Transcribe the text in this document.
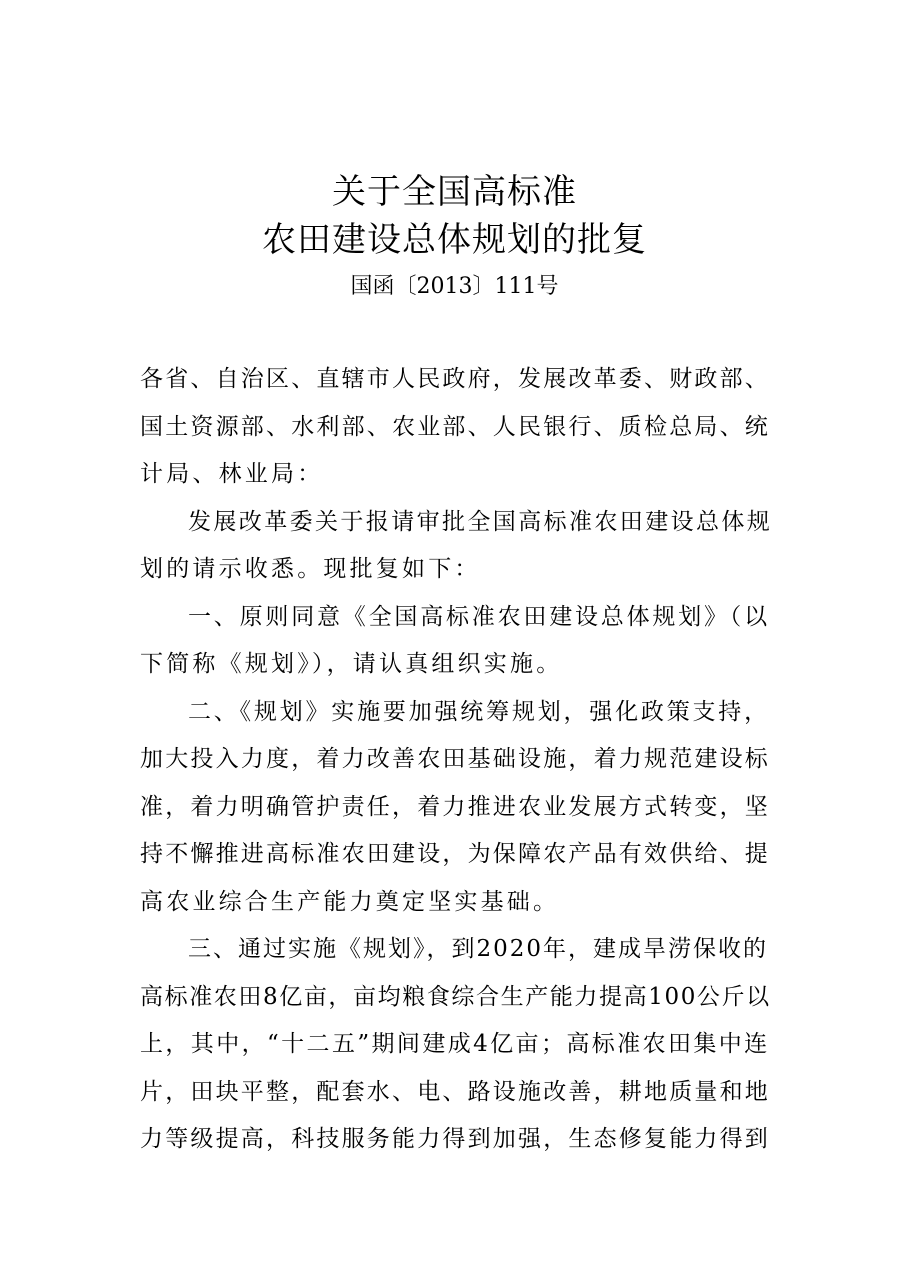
关于全国高标准
农田建设总体规划的批复
国函〔2013〕111号

各省、自治区、直辖市人民政府，发展改革委、财政部、
国土资源部、水利部、农业部、人民银行、质检总局、统
计局、林业局：

发展改革委关于报请审批全国高标准农田建设总体规
划的请示收悉。现批复如下：

一、原则同意《全国高标准农田建设总体规划》（以
下简称《规划》），请认真组织实施。

二、《规划》实施要加强统筹规划，强化政策支持，
加大投入力度，着力改善农田基础设施，着力规范建设标
准，着力明确管护责任，着力推进农业发展方式转变，坚
持不懈推进高标准农田建设，为保障农产品有效供给、提
高农业综合生产能力奠定坚实基础。

三、通过实施《规划》，到2020年，建成旱涝保收的
高标准农田8亿亩，亩均粮食综合生产能力提高100公斤以
上，其中，“十二五”期间建成4亿亩；高标准农田集中连
片，田块平整，配套水、电、路设施改善，耕地质量和地
力等级提高，科技服务能力得到加强，生态修复能力得到
